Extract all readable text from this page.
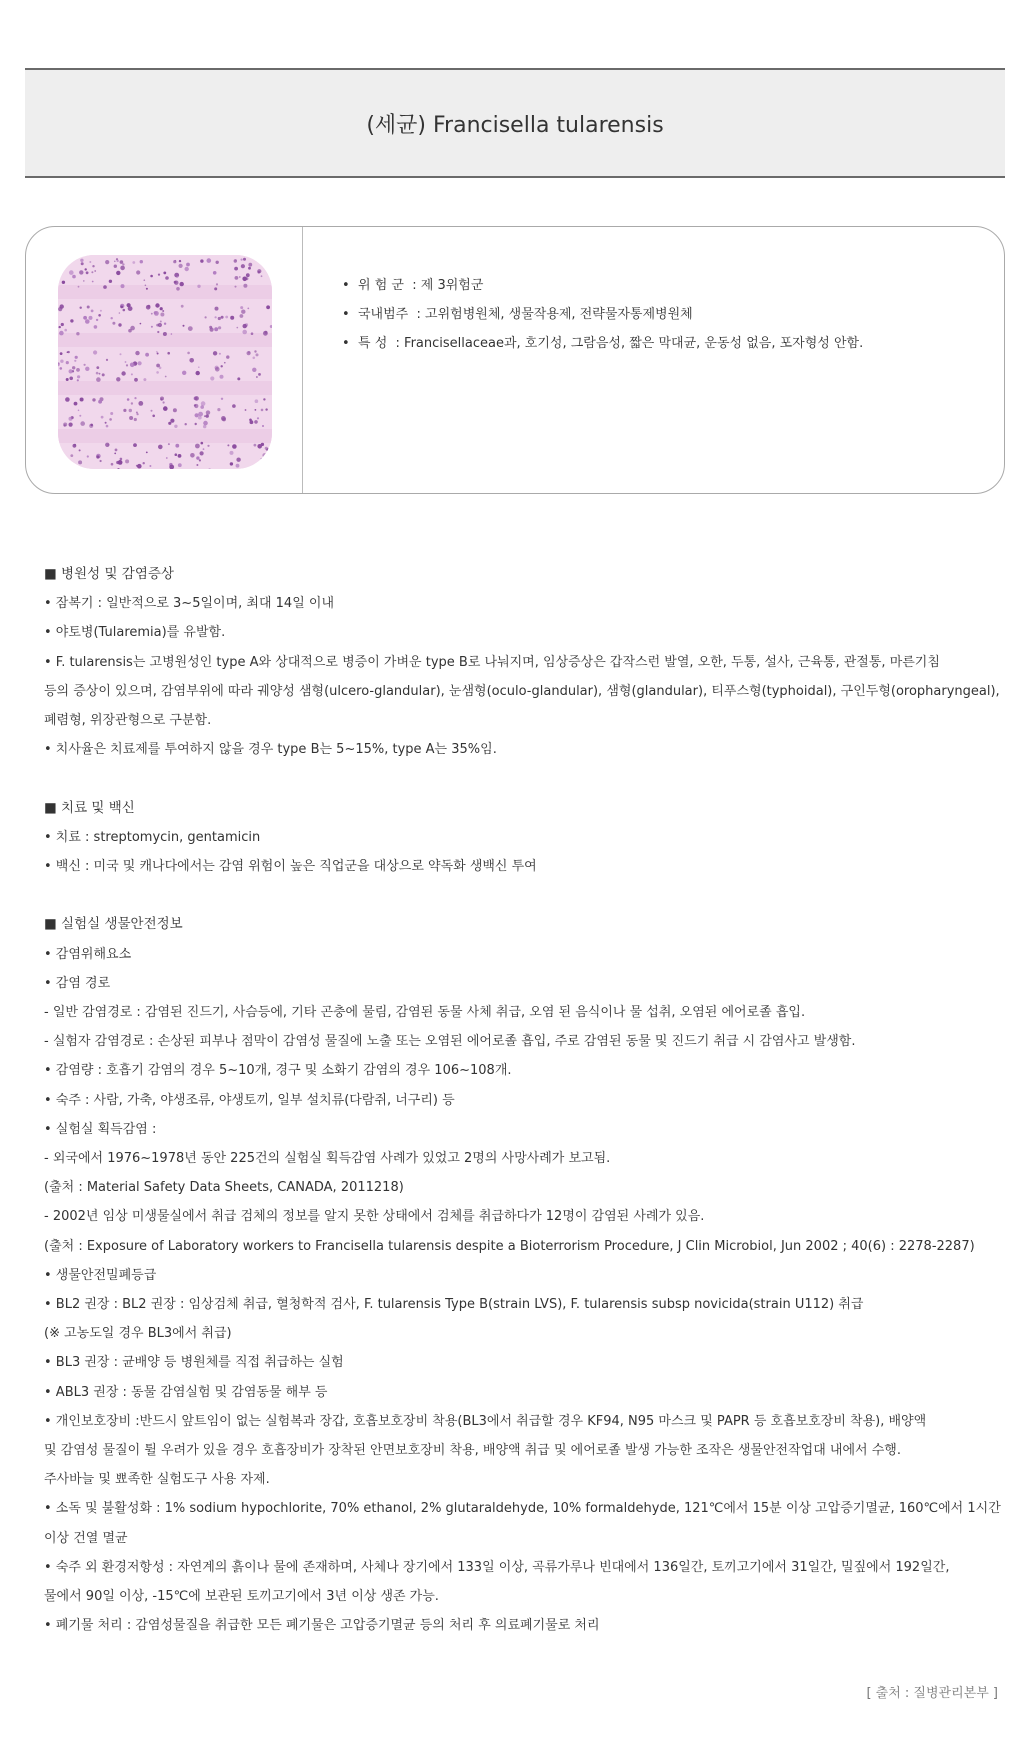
(세균) Francisella tularensis
• 위 험 군 : 제 3위험군
• 국내범주 : 고위험병원체, 생물작용제, 전략물자통제병원체
• 특 성 : Francisellaceae과, 호기성, 그람음성, 짧은 막대균, 운동성 없음, 포자형성 안함.
■ 병원성 및 감염증상
• 잠복기 : 일반적으로 3~5일이며, 최대 14일 이내
• 야토병(Tularemia)를 유발함.
• F. tularensis는 고병원성인 type A와 상대적으로 병증이 가벼운 type B로 나눠지며, 임상증상은 갑작스런 발열, 오한, 두통, 설사, 근육통, 관절통, 마른기침
등의 증상이 있으며, 감염부위에 따라 궤양성 샘형(ulcero-glandular), 눈샘형(oculo-glandular), 샘형(glandular), 티푸스형(typhoidal), 구인두형(oropharyngeal),
폐렴형, 위장관형으로 구분함.
• 치사율은 치료제를 투여하지 않을 경우 type B는 5~15%, type A는 35%임.
■ 치료 및 백신
• 치료 : streptomycin, gentamicin
• 백신 : 미국 및 캐나다에서는 감염 위험이 높은 직업군을 대상으로 약독화 생백신 투여
■ 실험실 생물안전정보
• 감염위해요소
• 감염 경로
- 일반 감염경로 : 감염된 진드기, 사슴등에, 기타 곤충에 물림, 감염된 동물 사체 취급, 오염 된 음식이나 물 섭취, 오염된 에어로졸 흡입.
- 실험자 감염경로 : 손상된 피부나 점막이 감염성 물질에 노출 또는 오염된 에어로졸 흡입, 주로 감염된 동물 및 진드기 취급 시 감염사고 발생함.
• 감염량 : 호흡기 감염의 경우 5~10개, 경구 및 소화기 감염의 경우 106~108개.
• 숙주 : 사람, 가축, 야생조류, 야생토끼, 일부 설치류(다람쥐, 너구리) 등
• 실험실 획득감염 :
- 외국에서 1976~1978년 동안 225건의 실험실 획득감염 사례가 있었고 2명의 사망사례가 보고됨.
(출처 : Material Safety Data Sheets, CANADA, 2011218)
- 2002년 임상 미생물실에서 취급 검체의 정보를 알지 못한 상태에서 검체를 취급하다가 12명이 감염된 사례가 있음.
(출처 : Exposure of Laboratory workers to Francisella tularensis despite a Bioterrorism Procedure, J Clin Microbiol, Jun 2002 ; 40(6) : 2278-2287)
• 생물안전밀폐등급
• BL2 권장 : BL2 권장 : 임상검체 취급, 혈청학적 검사, F. tularensis Type B(strain LVS), F. tularensis subsp novicida(strain U112) 취급
(※ 고농도일 경우 BL3에서 취급)
• BL3 권장 : 균배양 등 병원체를 직접 취급하는 실험
• ABL3 권장 : 동물 감염실험 및 감염동물 해부 등
• 개인보호장비 :반드시 앞트임이 없는 실험복과 장갑, 호흡보호장비 착용(BL3에서 취급할 경우 KF94, N95 마스크 및 PAPR 등 호흡보호장비 착용), 배양액
및 감염성 물질이 튈 우려가 있을 경우 호흡장비가 장착된 안면보호장비 착용, 배양액 취급 및 에어로졸 발생 가능한 조작은 생물안전작업대 내에서 수행.
주사바늘 및 뾰족한 실험도구 사용 자제.
• 소독 및 불활성화 : 1% sodium hypochlorite, 70% ethanol, 2% glutaraldehyde, 10% formaldehyde, 121℃에서 15분 이상 고압증기멸균, 160℃에서 1시간
이상 건열 멸균
• 숙주 외 환경저항성 : 자연계의 흙이나 물에 존재하며, 사체나 장기에서 133일 이상, 곡류가루나 빈대에서 136일간, 토끼고기에서 31일간, 밀짚에서 192일간,
물에서 90일 이상, -15℃에 보관된 토끼고기에서 3년 이상 생존 가능.
• 폐기물 처리 : 감염성물질을 취급한 모든 폐기물은 고압증기멸균 등의 처리 후 의료폐기물로 처리
[ 출처 : 질병관리본부 ]
